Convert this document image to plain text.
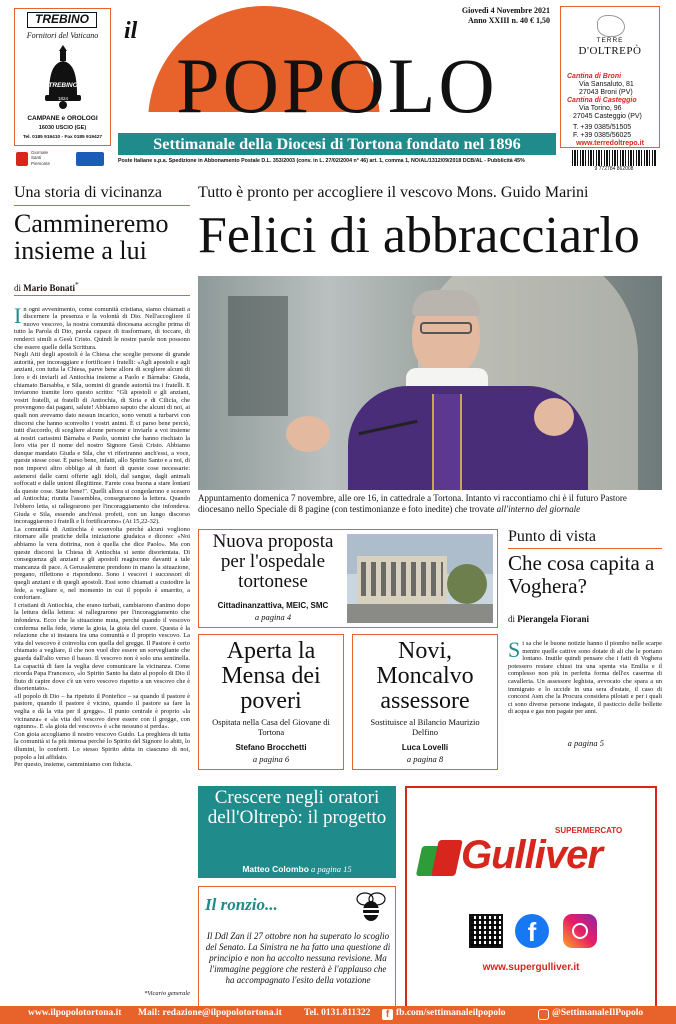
TREBINO
Fornitori del Vaticano
TREBINO
1824
CAMPANE e OROLOGI
16030 USCIO (GE)
Tel. 0185 919410 - Fax 0185 919427
Giornale
Santi
Piemonte
il
Giovedì 4 Novembre 2021
Anno XXIII n. 40 € 1,50
POPOLO
Settimanale della Diocesi di Tortona fondato nel 1896
Poste Italiane s.p.a. Spedizione in Abbonamento Postale D.L. 353/2003 (conv. in L. 27/02/2004 n° 46) art. 1, comma 1, NO/AL/1312/09/2018 DCB/AL - Pubblicità 45%
9 772784 862008
TERRE
D'OLTREPÒ
Cantina di Broni
Via Sansaluto, 81
27043 Broni (PV)
Cantina di Casteggio
Via Torino, 96
27045 Casteggio (PV)
T. +39 0385/51505
F. +39 0385/56025
www.terredoltrepo.it
Una storia di vicinanza
Cammineremo insieme a lui
di Mario Bonati*

In ogni avvenimento, come comunità cristiana, siamo chiamati a discernere la presenza e la volontà di Dio. Nell'accogliere il nuovo vescovo, la nostra comunità diocesana accoglie prima di tutto la Parola di Dio, parola capace di trasformare, di toccare, di renderci simili a Gesù Cristo. Quindi le nostre parole non possono che essere quelle della Scrittura.
Negli Atti degli apostoli è la Chiesa che sceglie persone di grande autorità, per incoraggiare e fortificare i fratelli: «Agli apostoli e agli anziani, con tutta la Chiesa, parve bene allora di scegliere alcuni di loro e di inviarli ad Antiochia insieme a Paolo e Bàrnaba: Giuda, chiamato Barsabba, e Sila, uomini di grande autorità tra i fratelli. E inviarono tramite loro questo scritto: "Gli apostoli e gli anziani, vostri fratelli, ai fratelli di Antiochia, di Siria e di Cilicia, che provengono dai pagani, salute! Abbiamo saputo che alcuni di noi, ai quali non avevamo dato nessun incarico, sono venuti a turbarvi con discorsi che hanno sconvolto i vostri animi. È ci parso bene perciò, tutti d'accordo, di scegliere alcune persone e inviarle a voi insieme ai nostri carissimi Bàrnaba e Paolo, uomini che hanno rischiato la loro vita per il nome del nostro Signore Gesù Cristo. Abbiamo dunque mandato Giuda e Sila, che vi riferiranno anch'essi, a voce, queste stesse cose. È parso bene, infatti, allo Spirito Santo e a noi, di non imporvi altro obbligo al di fuori di queste cose necessarie: astenersi dalle carni offerte agli idoli, dal sangue, dagli animali soffocati e dalle unioni illegittime. Farete cosa buona a stare lontani da queste cose. State bene!". Quelli allora si congedarono e scesero ad Antiochia; riunita l'assemblea, consegnarono la lettera. Quando l'ebbero letta, si rallegrarono per l'incoraggiamento che infondeva. Giuda e Sila, essendo anch'essi profeti, con un lungo discorso incoraggiarono i fratelli e li fortificarono» (At 15,22-32).
La comunità di Antiochia è sconvolta perché alcuni vogliono ritornare alle pratiche della iniziazione giudaica e dicono: «Noi abbiamo la vera dottrina, non è quella che dice Paolo». Ma con queste discorsi la Chiesa di Antiochia si sente disorientata. Di conseguenza gli anziani e gli apostoli reagiscono davanti a tale mancanza di pace. A Gerusalemme prendono in mano la situazione, pregano, riflettono e rispondono. Sono i vescovi i successori di quegli anziani e di quegli apostoli. Essi sono chiamati a custodire la fede, a vegliare e, nel momento in cui il popolo è smarrito, a confortare.
I cristiani di Antiochia, che erano turbati, cambiarono d'animo dopo la lettura della lettera: si rallegrarono per l'incoraggiamento che infondeva. Ecco che la situazione muta, perché quando il vescovo conferma nella fede, viene la gioia, la gioia del cuore. Questa è la relazione che si instaura tra una comunità e il proprio vescovo. La vita del vescovo è coinvolta con quella del gregge. Il Pastore è certo chiamato a vegliare, il che non vuol dire essere un sorvegliante che guarda dall'alto verso il basso. Il vescovo non è solo una sentinella. La capacità di fare la veglia deve comunicare la vicinanza. Come ricorda Papa Francesco, «lo Spirito Santo ha dato al popolo di Dio il fiuto di capire dove c'è un vero vescovo rispetto a un vescovo che è disorientato».
«Il popolo di Dio – ha ripetuto il Pontefice – sa quando il pastore è pastore, quando il pastore è vicino, quando il pastore sa fare la veglia e dà la vita per il gregge». Il punto centrale è proprio «la vicinanza» e «la vita del vescovo deve essere con il gregge, con ognuno». E «la gioia del vescovo» è «che nessuno si perda».
Con gioia accogliamo il nostro vescovo Guido. La preghiera di tutta la comunità si fa più intensa perché lo Spirito del Signore lo abiti, lo illumini, lo conforti. Lo stesso Spirito abita in ciascuno di noi, popolo a lui affidato.
Per questo, insieme, camminiamo con fiducia.

*Vicario generale
Tutto è pronto per accogliere il vescovo Mons. Guido Marini
Felici di abbracciarlo
Appuntamento domenica 7 novembre, alle ore 16, in cattedrale a Tortona. Intanto vi raccontiamo chi è il futuro Pastore diocesano nello Speciale di 8 pagine (con testimonianze e foto inedite) che trovate all'interno del giornale
Nuova proposta per l'ospedale tortonese
Cittadinanzattiva, MEIC, SMC
a pagina 4
Punto di vista
Che cosa capita a Voghera?
di Pierangela Fiorani
Si sa che le buone notizie hanno il piombo nelle scarpe mentre quelle cattive sono dotate di ali che le portano lontano. Inutile quindi pensare che i fatti di Voghera potessero restare chiusi tra una spenta via Emilia e il complesso non più in perfetta forma dell'ex caserma di cavalleria. Un assessore leghista, avvocato che spara a un immigrato e lo uccide in una sera d'estate, il caso di concorsi Asm che la Procura considera pilotati e per i quali ci sono diverse persone indagate, il pasticcio delle bollette di acqua e gas non pagate per anni.
a pagina 5
Aperta la Mensa dei poveri
Ospitata nella Casa del Giovane di Tortona
Stefano Brocchetti
a pagina 6
Novi, Moncalvo assessore
Sostituisce al Bilancio Maurizio Delfino
Luca Lovelli
a pagina 8
Crescere negli oratori dell'Oltrepò: il progetto
Matteo Colombo a pagina 15
Il ronzio...
Il Ddl Zan il 27 ottobre non ha superato lo scoglio del Senato. La Sinistra ne ha fatto una questione di principio e non ha accolto nessuna revisione. Ma l'immagine peggiore che resterà è l'applauso che ha accompagnato l'esito della votazione
SUPERMERCATO
Gulliver
f
www.supergulliver.it
www.ilpopolotortona.it Mail: redazione@ilpopolotortona.it Tel. 0131.811322	f fb.com/settimanaleilpopolo	@SettimanaleIlPopolo
